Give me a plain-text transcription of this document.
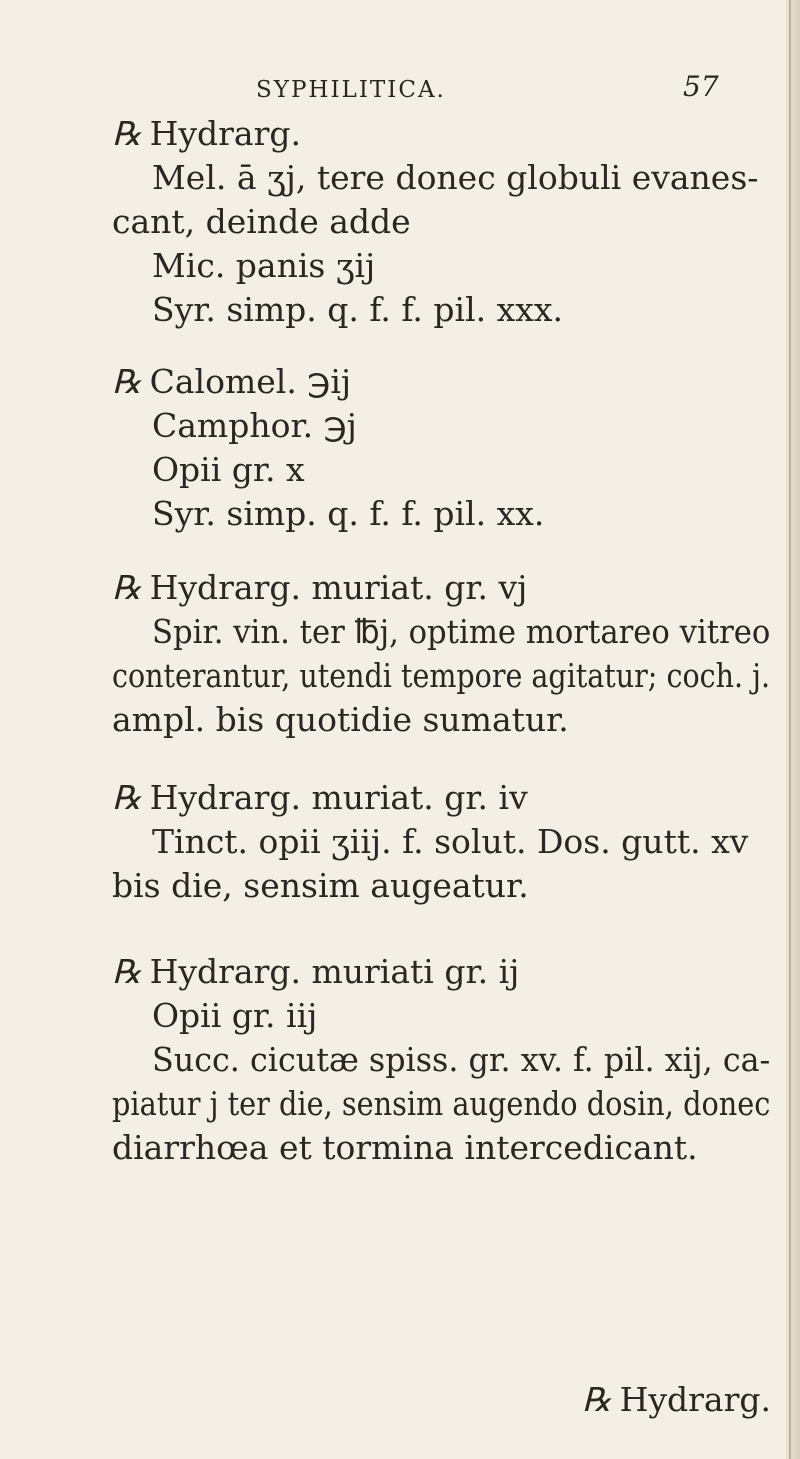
SYPHILITICA.	57
℞ Hydrarg.
Mel. ā ʒj, tere donec globuli evanes-
cant, deinde adde
Mic. panis ʒij
Syr. simp. q. f. f. pil. xxx.
℞ Calomel. ℈ij
Camphor. ℈j
Opii gr. x
Syr. simp. q. f. f. pil. xx.
℞ Hydrarg. muriat. gr. vj
Spir. vin. ter ℔j, optime mortareo vitreo
conterantur, utendi tempore agitatur; coch. j.
ampl. bis quotidie sumatur.
℞ Hydrarg. muriat. gr. iv
Tinct. opii ʒiij. f. solut. Dos. gutt. xv
bis die, sensim augeatur.
℞ Hydrarg. muriati gr. ij
Opii gr. iij
Succ. cicutæ spiss. gr. xv. f. pil. xij, ca-
piatur j ter die, sensim augendo dosin, donec
diarrhœa et tormina intercedicant.
℞ Hydrarg.
